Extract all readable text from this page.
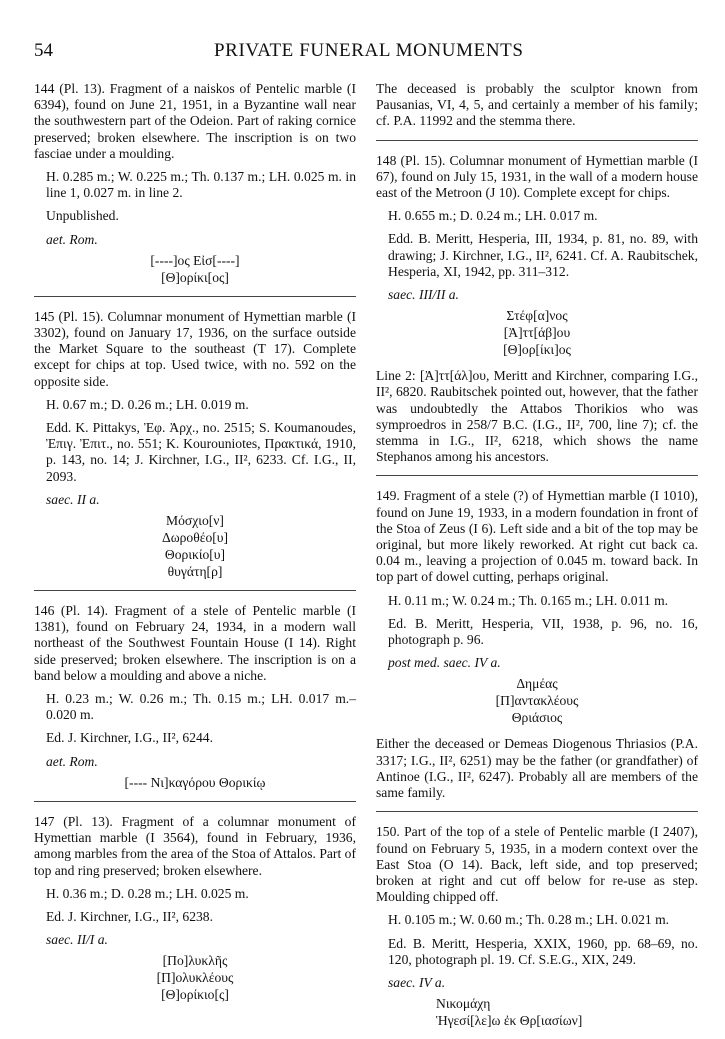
54	PRIVATE FUNERAL MONUMENTS

144 (Pl. 13). Fragment of a naiskos of Pentelic marble (I 6394), found on June 21, 1951, in a Byzantine wall near the southwestern part of the Odeion. Part of raking cornice preserved; broken elsewhere. The inscription is on two fasciae under a moulding.

H. 0.285 m.; W. 0.225 m.; Th. 0.137 m.; LH. 0.025 m. in line 1, 0.027 m. in line 2.

Unpublished.

aet. Rom.
[----]ος Εἰσ[----]
[Θ]ορίκι[ος]

145 (Pl. 15). Columnar monument of Hymettian marble (I 3302), found on January 17, 1936, on the surface outside the Market Square to the southeast (T 17). Complete except for chips at top. Used twice, with no. 592 on the opposite side.

H. 0.67 m.; D. 0.26 m.; LH. 0.019 m.

Edd. K. Pittakys, Ἐφ. Ἀρχ., no. 2515; S. Koumanoudes, Ἐπιγ. Ἐπιτ., no. 551; K. Kourouniotes, Πρακτικά, 1910, p. 143, no. 14; J. Kirchner, I.G., II², 6233. Cf. I.G., II, 2093.

saec. II a.
Μόσχιο[ν]
Δωροθέο[υ]
Θορικίο[υ]
θυγάτη[ρ]

146 (Pl. 14). Fragment of a stele of Pentelic marble (I 1381), found on February 24, 1934, in a modern wall northeast of the Southwest Fountain House (I 14). Right side preserved; broken elsewhere. The inscription is on a band below a moulding and above a niche.

H. 0.23 m.; W. 0.26 m.; Th. 0.15 m.; LH. 0.017 m.–0.020 m.

Ed. J. Kirchner, I.G., II², 6244.

aet. Rom.
[---- Νι]καγόρου Θορικίῳ

147 (Pl. 13). Fragment of a columnar monument of Hymettian marble (I 3564), found in February, 1936, among marbles from the area of the Stoa of Attalos. Part of top and ring preserved; broken elsewhere.

H. 0.36 m.; D. 0.28 m.; LH. 0.025 m.

Ed. J. Kirchner, I.G., II², 6238.

saec. II/I a.
[Πο]λυκλῆς
[Π]ολυκλέους
[Θ]ορίκιο[ς]

The deceased is probably the sculptor known from Pausanias, VI, 4, 5, and certainly a member of his family; cf. P.A. 11992 and the stemma there.

148 (Pl. 15). Columnar monument of Hymettian marble (I 67), found on July 15, 1931, in the wall of a modern house east of the Metroon (J 10). Complete except for chips.

H. 0.655 m.; D. 0.24 m.; LH. 0.017 m.

Edd. B. Meritt, Hesperia, III, 1934, p. 81, no. 89, with drawing; J. Kirchner, I.G., II², 6241. Cf. A. Raubitschek, Hesperia, XI, 1942, pp. 311–312.

saec. III/II a.
Στέφ[α]νος
[Ἀ]ττ[άβ]ου
[Θ]ορ[ίκι]ος

Line 2: [Ἀ]ττ[άλ]ου, Meritt and Kirchner, comparing I.G., II², 6820. Raubitschek pointed out, however, that the father was undoubtedly the Attabos Thorikios who was symproedros in 258/7 B.C. (I.G., II², 700, line 7); cf. the stemma in I.G., II², 6218, which shows the name Stephanos among his ancestors.

149. Fragment of a stele (?) of Hymettian marble (I 1010), found on June 19, 1933, in a modern foundation in front of the Stoa of Zeus (I 6). Left side and a bit of the top may be original, but more likely reworked. At right cut back ca. 0.04 m., leaving a projection of 0.045 m. toward back. In top part of dowel cutting, perhaps original.

H. 0.11 m.; W. 0.24 m.; Th. 0.165 m.; LH. 0.011 m.

Ed. B. Meritt, Hesperia, VII, 1938, p. 96, no. 16, photograph p. 96.

post med. saec. IV a.
Δημέας
[Π]αντακλέους
Θριάσιος

Either the deceased or Demeas Diogenous Thriasios (P.A. 3317; I.G., II², 6251) may be the father (or grandfather) of Antinoe (I.G., II², 6247). Probably all are members of the same family.

150. Part of the top of a stele of Pentelic marble (I 2407), found on February 5, 1935, in a modern context over the East Stoa (O 14). Back, left side, and top preserved; broken at right and cut off below for re-use as step. Moulding chipped off.

H. 0.105 m.; W. 0.60 m.; Th. 0.28 m.; LH. 0.021 m.

Ed. B. Meritt, Hesperia, XXIX, 1960, pp. 68–69, no. 120, photograph pl. 19. Cf. S.E.G., XIX, 249.

saec. IV a.
Νικομάχη
Ἡγεσί[λε]ω ἐκ Θρ[ιασίων]
